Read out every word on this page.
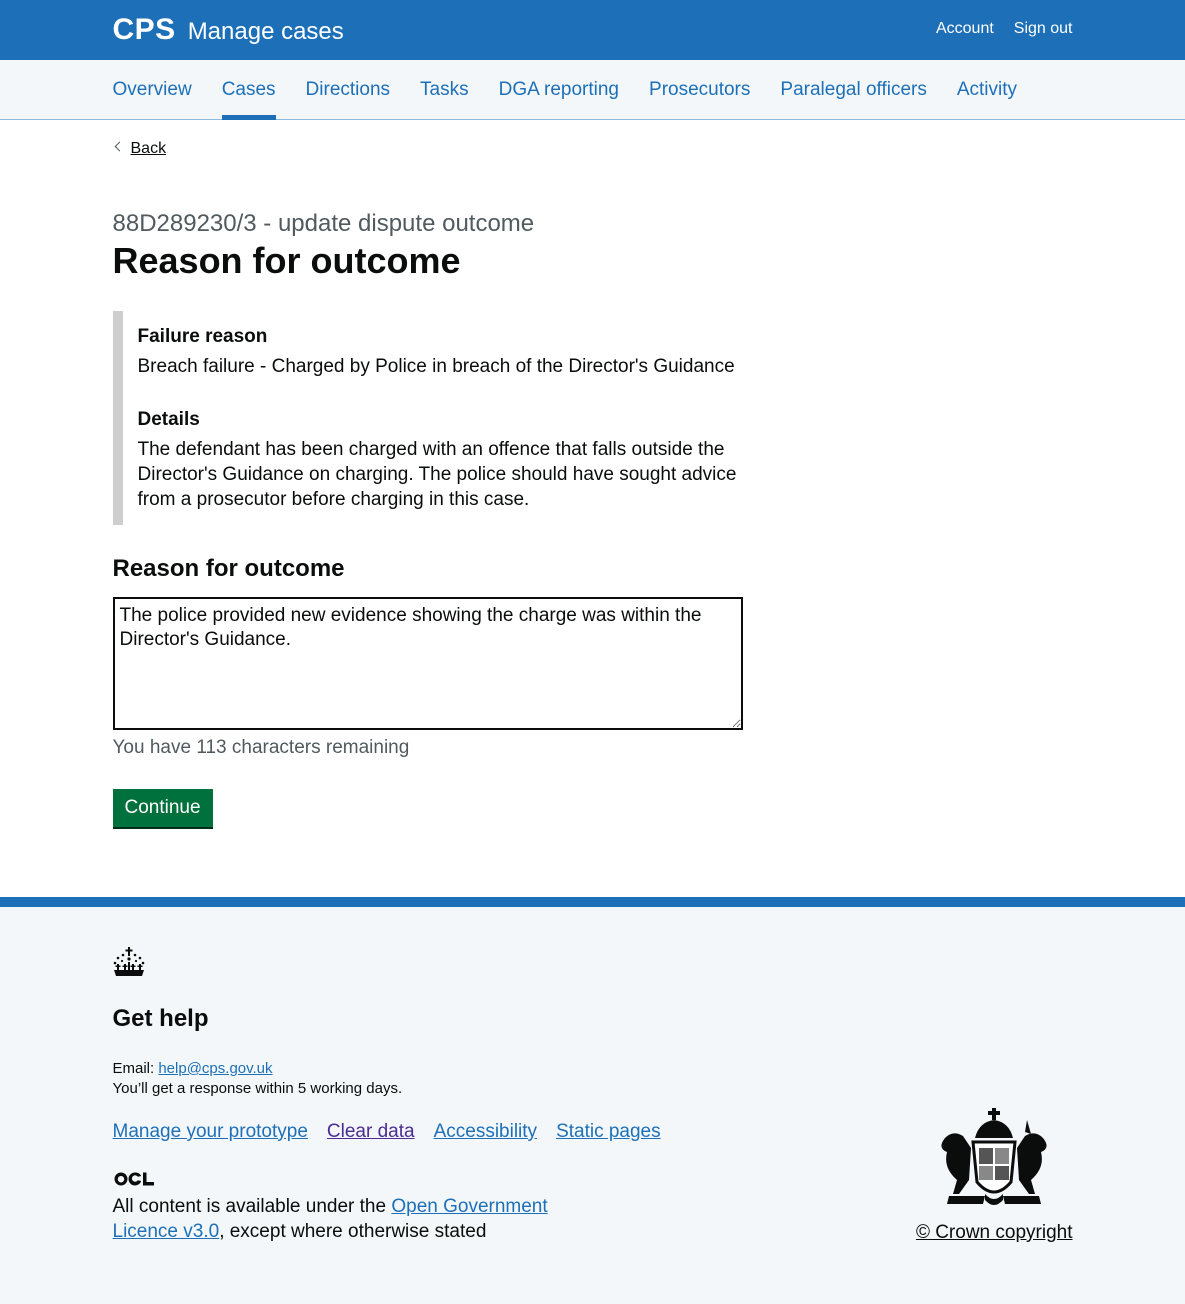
CPS Manage cases	Account Sign out
Overview Cases Directions Tasks DGA reporting Prosecutors Paralegal officers Activity
Back
88D289230/3 - update dispute outcome
Reason for outcome

Failure reason

Breach failure - Charged by Police in breach of the Director's Guidance

Details

The defendant has been charged with an offence that falls outside the Director's Guidance on charging. The police should have sought advice from a prosecutor before charging in this case.

Reason for outcome
The police provided new evidence showing the charge was within the Director's Guidance.
You have 113 characters remaining
Continue
Get help
Email: help@cps.gov.uk
You’ll get a response within 5 working days.
Manage your prototype Clear data Accessibility Static pages
All content is available under the Open Government Licence v3.0, except where otherwise stated	© Crown copyright
